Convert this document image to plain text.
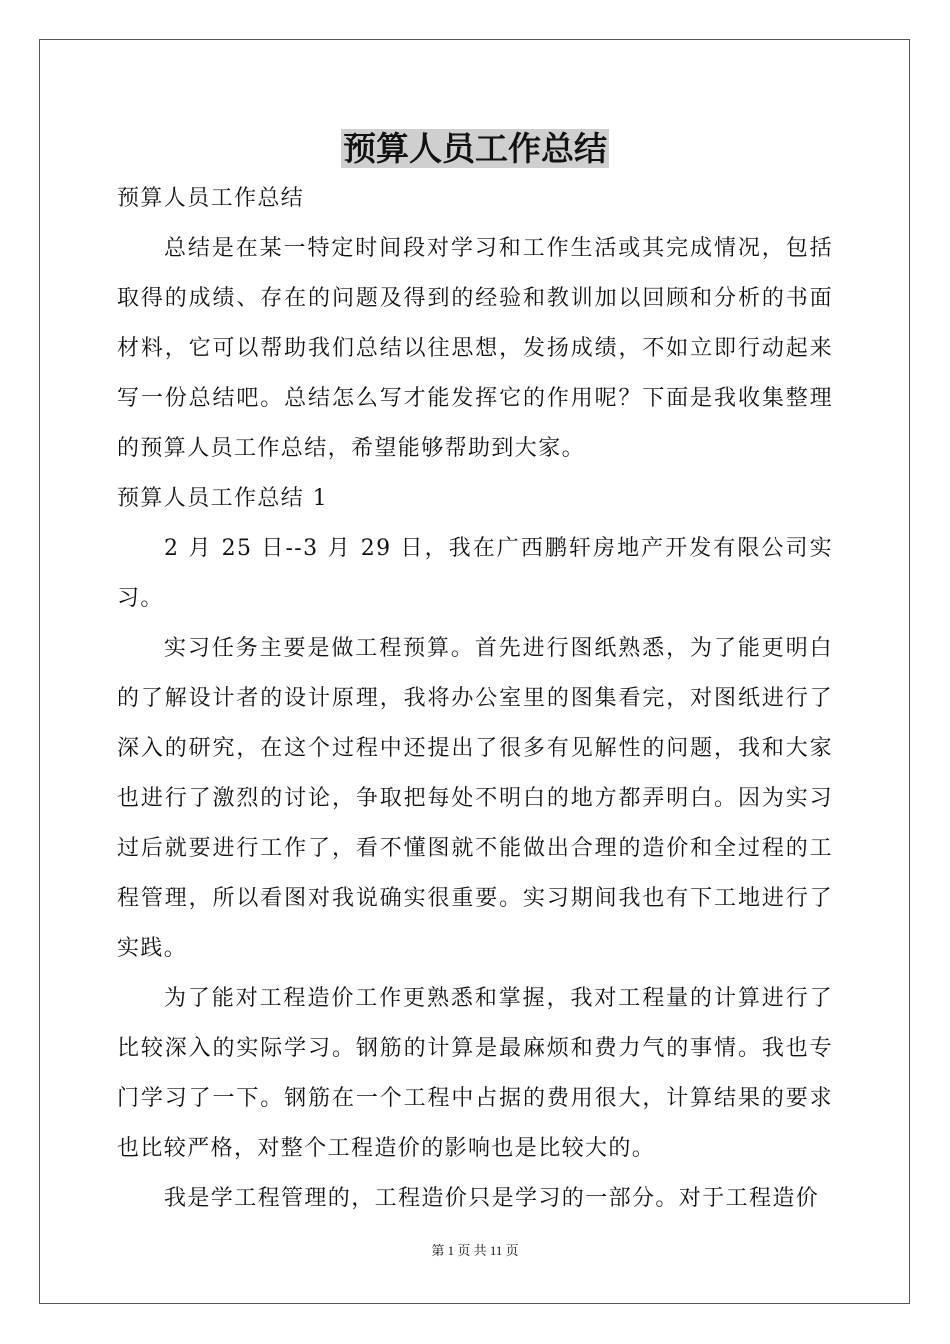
预算人员工作总结

预算人员工作总结

总结是在某一特定时间段对学习和工作生活或其完成情况，包括取得的成绩、存在的问题及得到的经验和教训加以回顾和分析的书面材料，它可以帮助我们总结以往思想，发扬成绩，不如立即行动起来写一份总结吧。总结怎么写才能发挥它的作用呢？下面是我收集整理的预算人员工作总结，希望能够帮助到大家。

预算人员工作总结 1

2 月 25 日--3 月 29 日，我在广西鹏轩房地产开发有限公司实习。

实习任务主要是做工程预算。首先进行图纸熟悉，为了能更明白的了解设计者的设计原理，我将办公室里的图集看完，对图纸进行了深入的研究，在这个过程中还提出了很多有见解性的问题，我和大家也进行了激烈的讨论，争取把每处不明白的地方都弄明白。因为实习过后就要进行工作了，看不懂图就不能做出合理的造价和全过程的工程管理，所以看图对我说确实很重要。实习期间我也有下工地进行了实践。

为了能对工程造价工作更熟悉和掌握，我对工程量的计算进行了比较深入的实际学习。钢筋的计算是最麻烦和费力气的事情。我也专门学习了一下。钢筋在一个工程中占据的费用很大，计算结果的要求也比较严格，对整个工程造价的影响也是比较大的。

我是学工程管理的，工程造价只是学习的一部分。对于工程造价

第 1 页 共 11 页
